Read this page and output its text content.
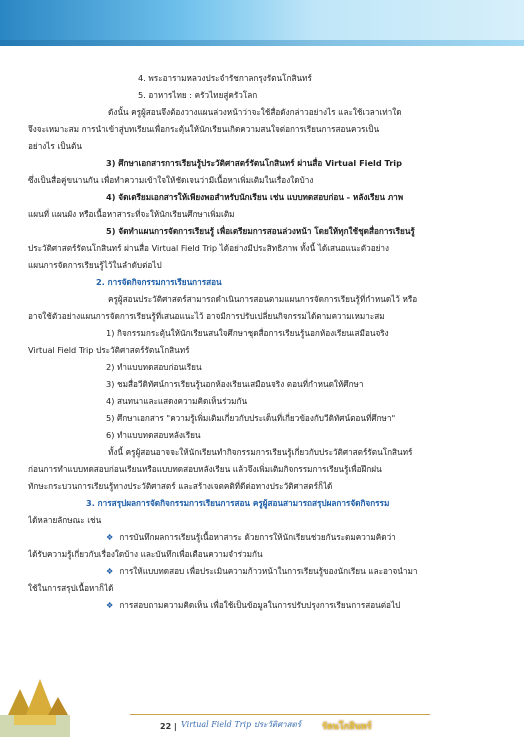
4. พระอารามหลวงประจำรัชกาลกรุงรัตนโกสินทร์
5. อาหารไทย : ครัวไทยสู่ครัวโลก
ดังนั้น ครูผู้สอนจึงต้องวางแผนล่วงหน้าว่าจะใช้สื่อดังกล่าวอย่างไร และใช้เวลาเท่าใด
จึงจะเหมาะสม การนำเข้าสู่บทเรียนเพื่อกระตุ้นให้นักเรียนเกิดความสนใจต่อการเรียนการสอนควรเป็น
อย่างไร เป็นต้น
3) ศึกษาเอกสารการเรียนรู้ประวัติศาสตร์รัตนโกสินทร์ ผ่านสื่อ Virtual Field Trip
ซึ่งเป็นสื่อคู่ขนานกัน เพื่อทำความเข้าใจให้ชัดเจนว่ามีเนื้อหาเพิ่มเติมในเรื่องใดบ้าง
4) จัดเตรียมเอกสารให้เพียงพอสำหรับนักเรียน เช่น แบบทดสอบก่อน - หลังเรียน ภาพ
แผนที่ แผนผัง หรือเนื้อหาสาระที่จะให้นักเรียนศึกษาเพิ่มเติม
5) จัดทำแผนการจัดการเรียนรู้ เพื่อเตรียมการสอนล่วงหน้า โดยให้ทุกใช้ชุดสื่อการเรียนรู้
ประวัติศาสตร์รัตนโกสินทร์ ผ่านสื่อ Virtual Field Trip ได้อย่างมีประสิทธิภาพ ทั้งนี้ ได้เสนอแนะตัวอย่าง
แผนการจัดการเรียนรู้ไว้ในลำดับต่อไป
2. การจัดกิจกรรมการเรียนการสอน
ครูผู้สอนประวัติศาสตร์สามารถดำเนินการสอนตามแผนการจัดการเรียนรู้ที่กำหนดไว้ หรือ
อาจใช้ตัวอย่างแผนการจัดการเรียนรู้ที่เสนอแนะไว้ อาจมีการปรับเปลี่ยนกิจกรรมได้ตามความเหมาะสม
1) กิจกรรมกระตุ้นให้นักเรียนสนใจศึกษาชุดสื่อการเรียนรู้นอกห้องเรียนเสมือนจริง
Virtual Field Trip ประวัติศาสตร์รัตนโกสินทร์
2) ทำแบบทดสอบก่อนเรียน
3) ชมสื่อวีดิทัศน์การเรียนรู้นอกห้องเรียนเสมือนจริง ตอนที่กำหนดให้ศึกษา
4) สนทนาและแสดงความคิดเห็นร่วมกัน
5) ศึกษาเอกสาร "ความรู้เพิ่มเติมเกี่ยวกับประเด็นที่เกี่ยวข้องกับวีดิทัศน์ตอนที่ศึกษา"
6) ทำแบบทดสอบหลังเรียน
ทั้งนี้ ครูผู้สอนอาจจะให้นักเรียนทำกิจกรรมการเรียนรู้เกี่ยวกับประวัติศาสตร์รัตนโกสินทร์
ก่อนการทำแบบทดสอบก่อนเรียนหรือแบบทดสอบหลังเรียน แล้วจึงเพิ่มเติมกิจกรรมการเรียนรู้เพื่อฝึกฝน
ทักษะกระบวนการเรียนรู้ทางประวัติศาสตร์ และสร้างเจตคติที่ดีต่อทางประวัติศาสตร์ก็ได้
3. การสรุปผลการจัดกิจกรรมการเรียนการสอน ครูผู้สอนสามารถสรุปผลการจัดกิจกรรม
ได้หลายลักษณะ เช่น
❖ การบันทึกผลการเรียนรู้เนื้อหาสาระ ด้วยการให้นักเรียนช่วยกันระดมความคิดว่า
ได้รับความรู้เกี่ยวกับเรื่องใดบ้าง และบันทึกเพื่อเตือนความจำร่วมกัน
❖ การให้แบบทดสอบ เพื่อประเมินความก้าวหน้าในการเรียนรู้ของนักเรียน และอาจนำมา
ใช้ในการสรุปเนื้อหาก็ได้
❖ การสอบถามความคิดเห็น เพื่อใช้เป็นข้อมูลในการปรับปรุงการเรียนการสอนต่อไป
22 | Virtual Field Trip ประวัติศาสตร์ รัตนโกสินทร์
